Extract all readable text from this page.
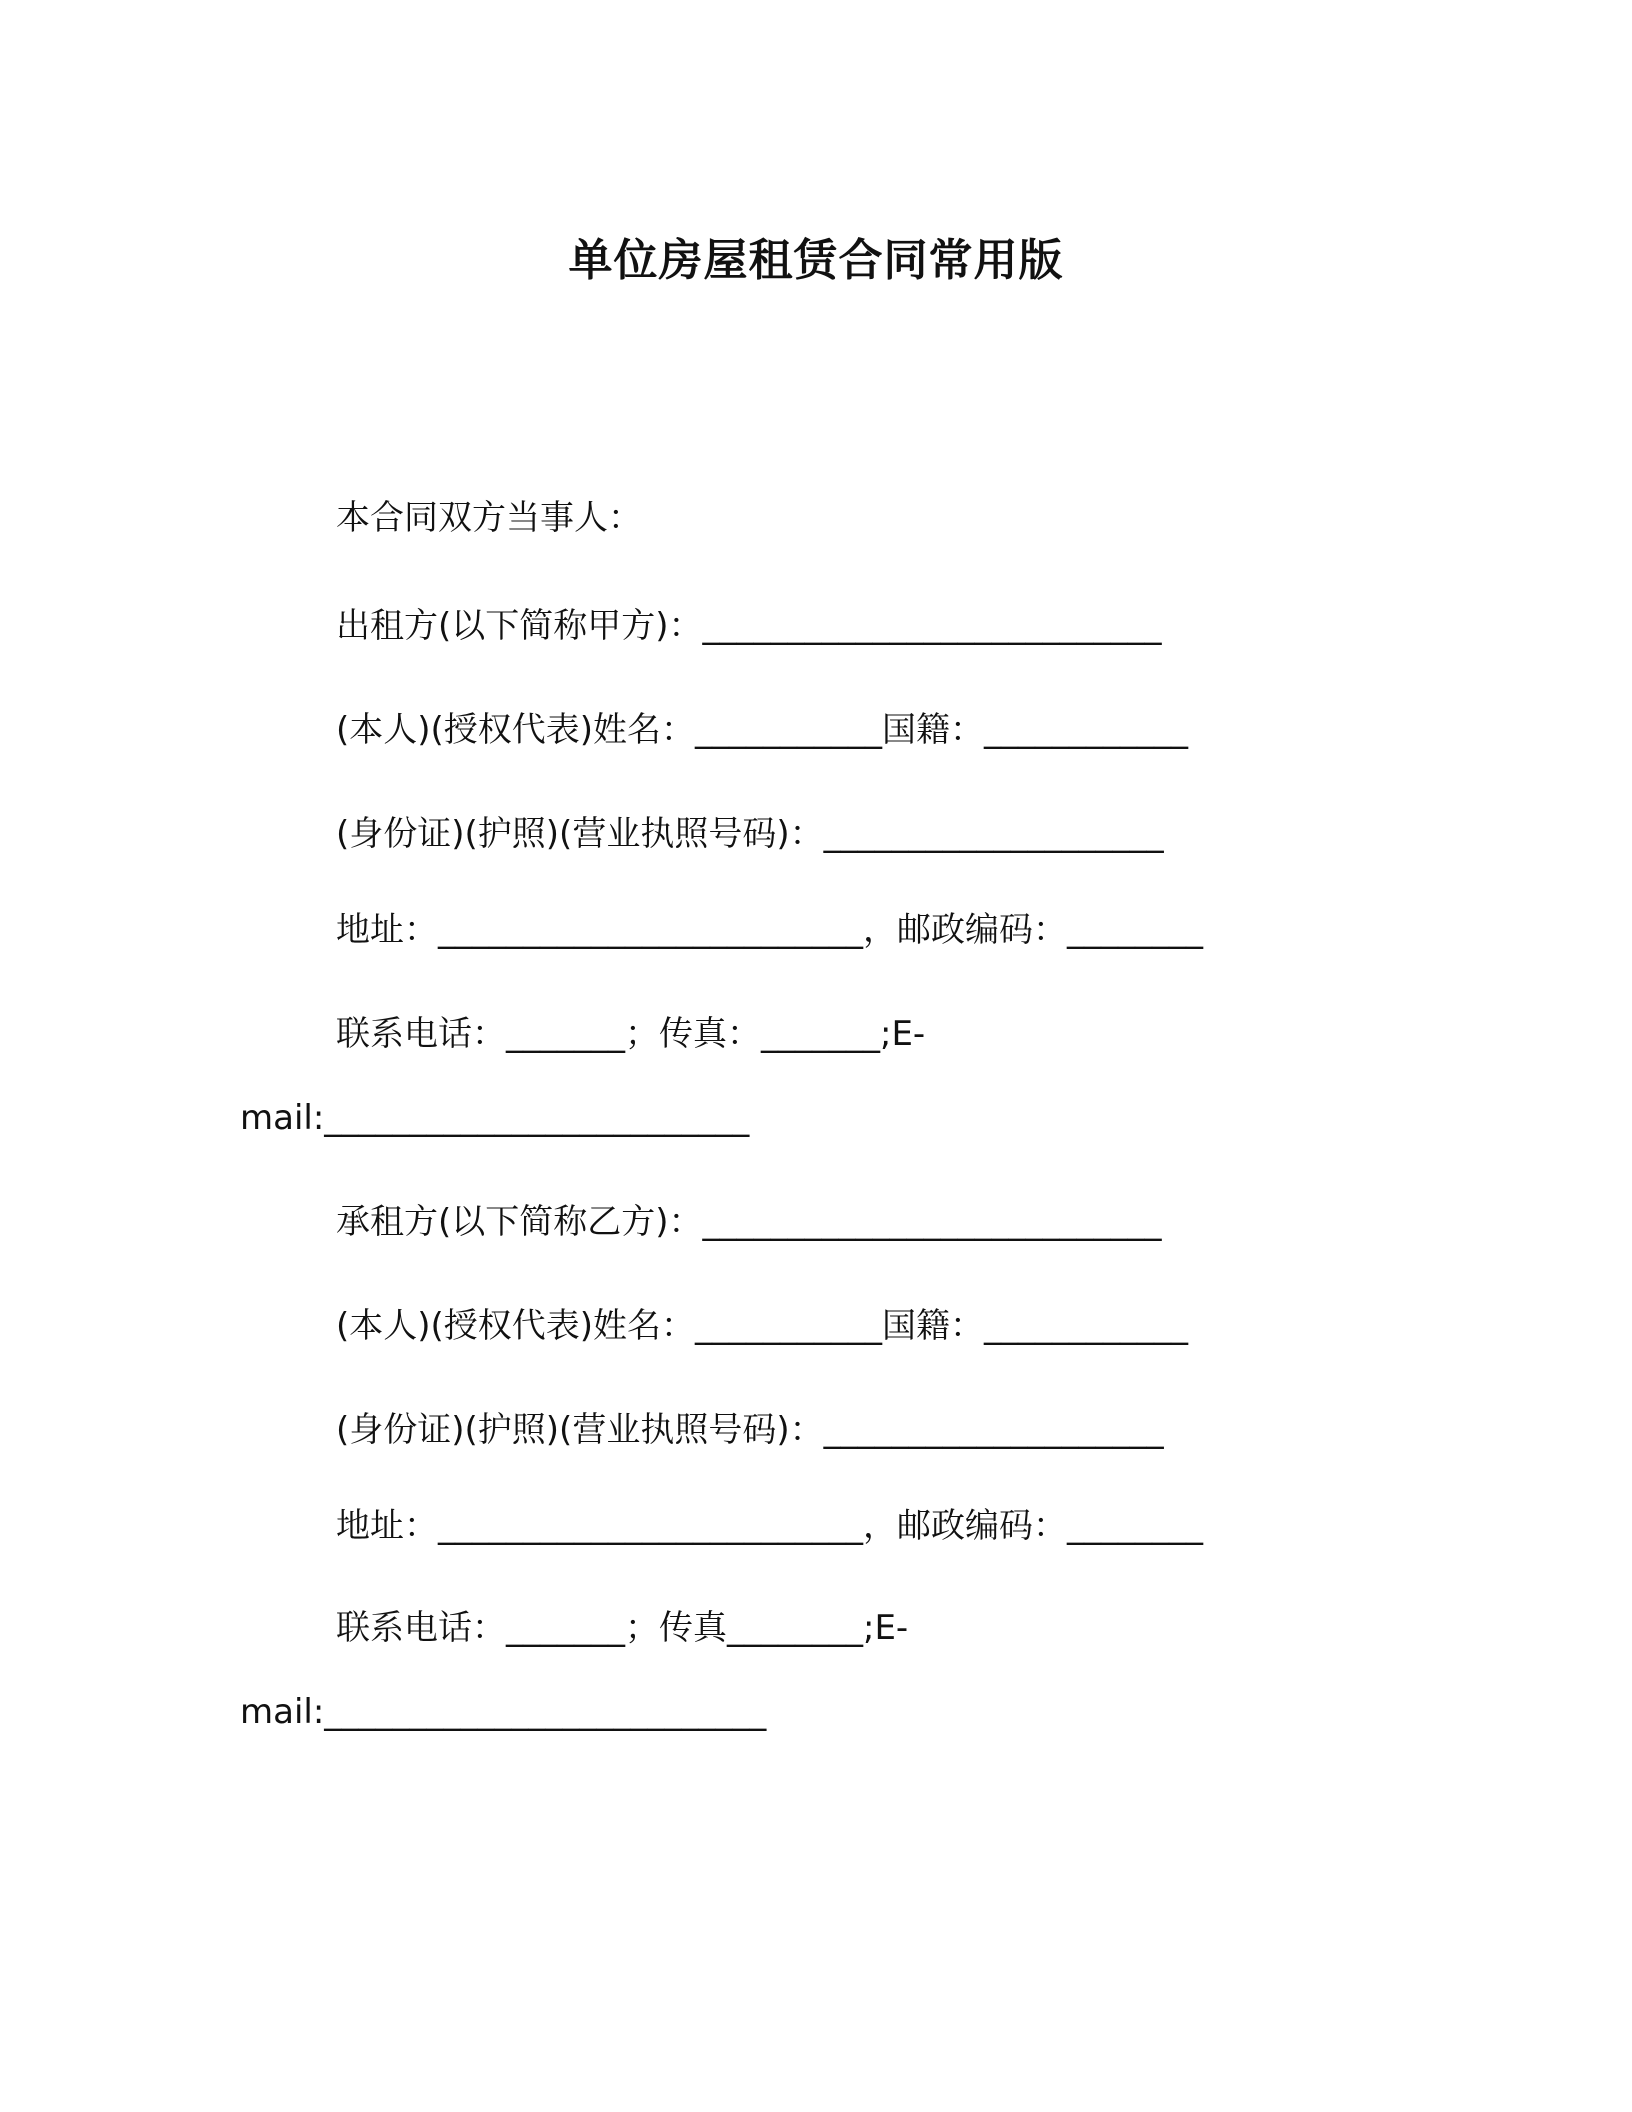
单位房屋租赁合同常用版
本合同双方当事人：
出租方(以下简称甲方)：___________________________
(本人)(授权代表)姓名：___________国籍：____________
(身份证)(护照)(营业执照号码)：____________________
地址：_________________________，邮政编码：________
联系电话：_______；传真：_______;E-
mail:_________________________
承租方(以下简称乙方)：___________________________
(本人)(授权代表)姓名：___________国籍：____________
(身份证)(护照)(营业执照号码)：____________________
地址：_________________________，邮政编码：________
联系电话：_______；传真________;E-
mail:__________________________
